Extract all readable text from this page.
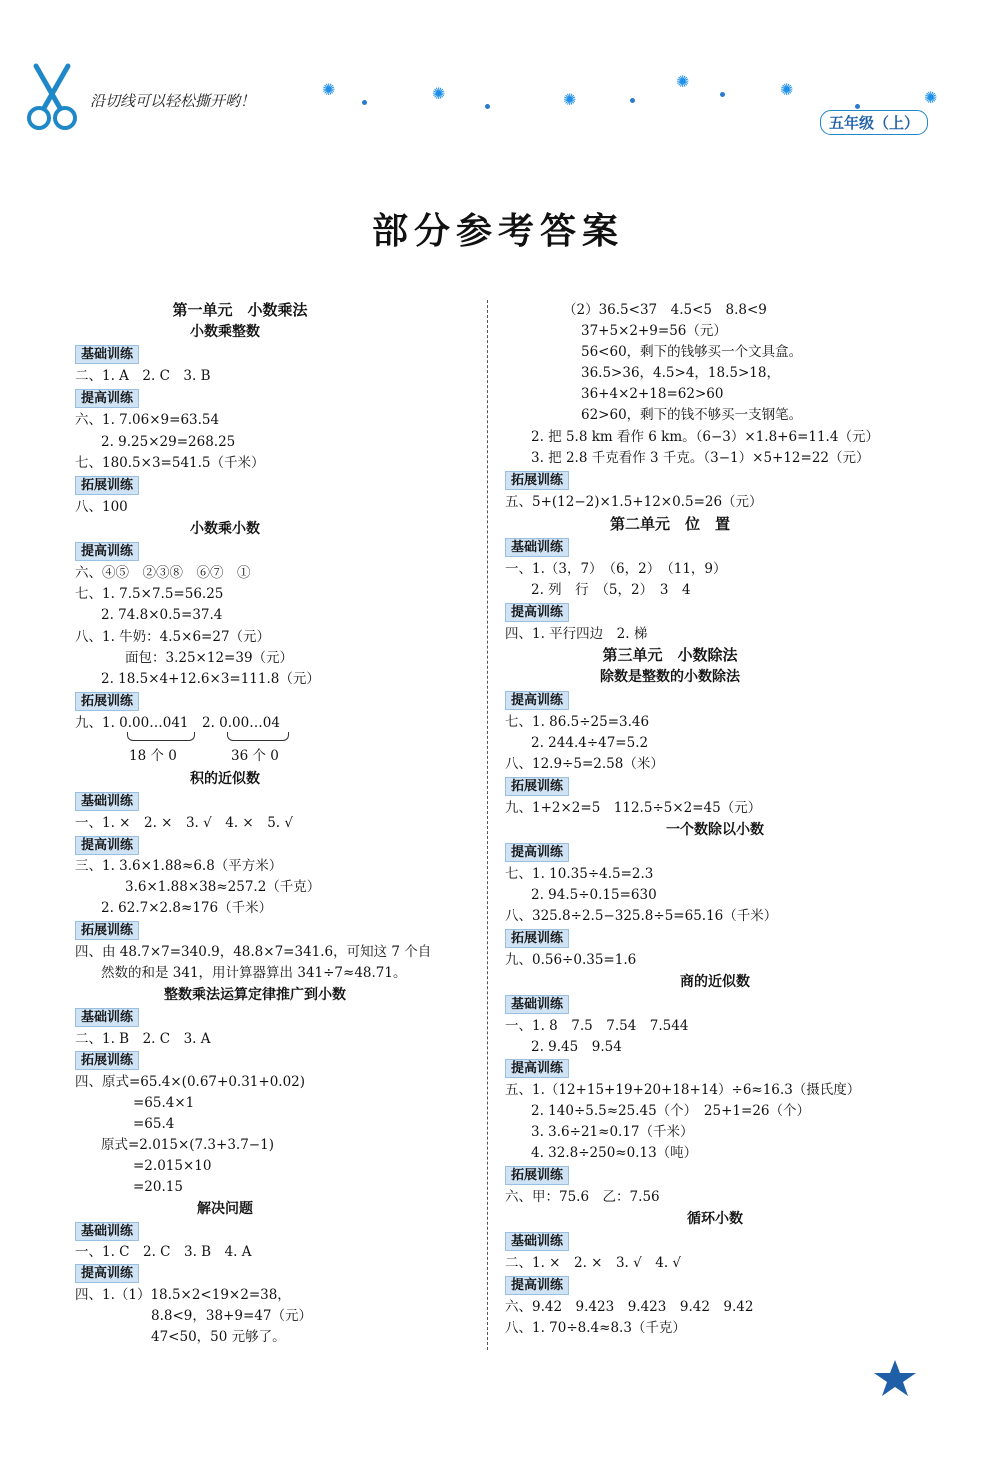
沿切线可以轻松撕开哟！
✺	✺	✺
✺	✺	✺
五年级（上）
部分参考答案
第一单元　小数乘法
小数乘整数
基础训练
二、1. A　2. C　3. B
提高训练
六、1. 7.06×9=63.54
2. 9.25×29=268.25
七、180.5×3=541.5（千米）
拓展训练
八、100
小数乘小数
提高训练
六、④⑤　②③⑧　⑥⑦　①
七、1. 7.5×7.5=56.25
2. 74.8×0.5=37.4
八、1. 牛奶：4.5×6=27（元）
面包：3.25×12=39（元）
2. 18.5×4+12.6×3=111.8（元）
拓展训练
九、1. 0.00…041　2. 0.00…04
18 个 0	36 个 0
积的近似数
基础训练
一、1. ×　2. ×　3. √　4. ×　5. √
提高训练
三、1. 3.6×1.88≈6.8（平方米）
3.6×1.88×38≈257.2（千克）
2. 62.7×2.8≈176（千米）
拓展训练
四、由 48.7×7=340.9，48.8×7=341.6，可知这 7 个自
然数的和是 341，用计算器算出 341÷7≈48.71。
整数乘法运算定律推广到小数
基础训练
二、1. B　2. C　3. A
拓展训练
四、原式=65.4×(0.67+0.31+0.02)
=65.4×1
=65.4
原式=2.015×(7.3+3.7−1)
=2.015×10
=20.15
解决问题
基础训练
一、1. C　2. C　3. B　4. A
提高训练
四、1.（1）18.5×2<19×2=38，
8.8<9，38+9=47（元）
47<50，50 元够了。
（2）36.5<37　4.5<5　8.8<9
37+5×2+9=56（元）
56<60，剩下的钱够买一个文具盒。
36.5>36，4.5>4，18.5>18，
36+4×2+18=62>60
62>60，剩下的钱不够买一支钢笔。
2. 把 5.8 km 看作 6 km。（6−3）×1.8+6=11.4（元）
3. 把 2.8 千克看作 3 千克。（3−1）×5+12=22（元）
拓展训练
五、5+(12−2)×1.5+12×0.5=26（元）
第二单元　位　置
基础训练
一、1.（3，7）　（6，2）　（11，9）
2. 列　行　（5，2）　3　4
提高训练
四、1. 平行四边　2. 梯
第三单元　小数除法
除数是整数的小数除法
提高训练
七、1. 86.5÷25=3.46
2. 244.4÷47=5.2
八、12.9÷5=2.58（米）
拓展训练
九、1+2×2=5　112.5÷5×2=45（元）
一个数除以小数
提高训练
七、1. 10.35÷4.5=2.3
2. 94.5÷0.15=630
八、325.8÷2.5−325.8÷5=65.16（千米）
拓展训练
九、0.56÷0.35=1.6
商的近似数
基础训练
一、1. 8　7.5　7.54　7.544
2. 9.45　9.54
提高训练
五、1.（12+15+19+20+18+14）÷6≈16.3（摄氏度）
2. 140÷5.5≈25.45（个）　25+1=26（个）
3. 3.6÷21≈0.17（千米）
4. 32.8÷250≈0.13（吨）
拓展训练
六、甲：75.6　乙：7.56
循环小数
基础训练
二、1. ×　2. ×　3. √　4. √
提高训练
六、9.42　9.423　9.423　9.42　9.42
八、1. 70÷8.4≈8.3（千克）
